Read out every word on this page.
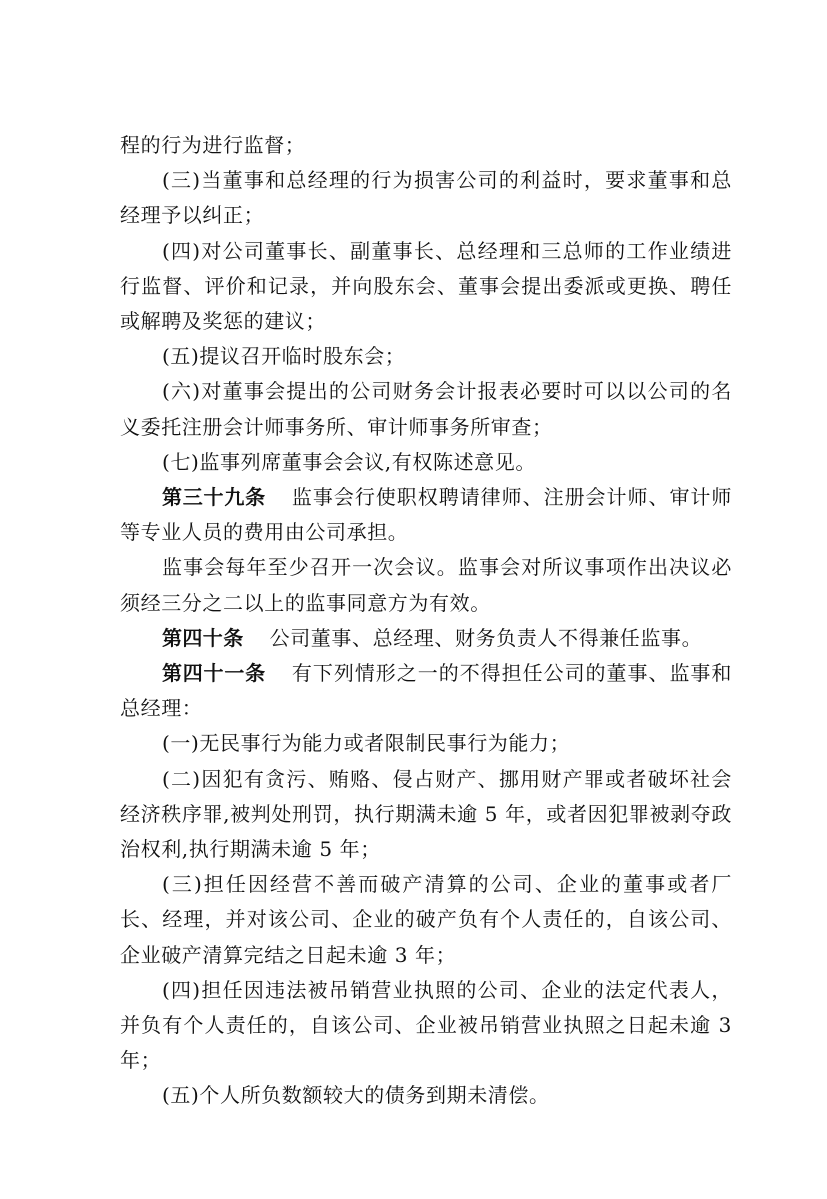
程的行为进行监督；

(三)当董事和总经理的行为损害公司的利益时，要求董事和总经理予以纠正；

(四)对公司董事长、副董事长、总经理和三总师的工作业绩进行监督、评价和记录，并向股东会、董事会提出委派或更换、聘任或解聘及奖惩的建议；

(五)提议召开临时股东会；

(六)对董事会提出的公司财务会计报表必要时可以以公司的名义委托注册会计师事务所、审计师事务所审查；

(七)监事列席董事会会议,有权陈述意见。

第三十九条 监事会行使职权聘请律师、注册会计师、审计师等专业人员的费用由公司承担。

监事会每年至少召开一次会议。监事会对所议事项作出决议必须经三分之二以上的监事同意方为有效。

第四十条 公司董事、总经理、财务负责人不得兼任监事。

第四十一条 有下列情形之一的不得担任公司的董事、监事和总经理：

(一)无民事行为能力或者限制民事行为能力；

(二)因犯有贪污、贿赂、侵占财产、挪用财产罪或者破坏社会经济秩序罪,被判处刑罚，执行期满未逾 5 年，或者因犯罪被剥夺政治权利,执行期满未逾 5 年；

(三)担任因经营不善而破产清算的公司、企业的董事或者厂长、经理，并对该公司、企业的破产负有个人责任的，自该公司、企业破产清算完结之日起未逾 3 年；

(四)担任因违法被吊销营业执照的公司、企业的法定代表人，并负有个人责任的，自该公司、企业被吊销营业执照之日起未逾 3 年；

(五)个人所负数额较大的债务到期未清偿。
